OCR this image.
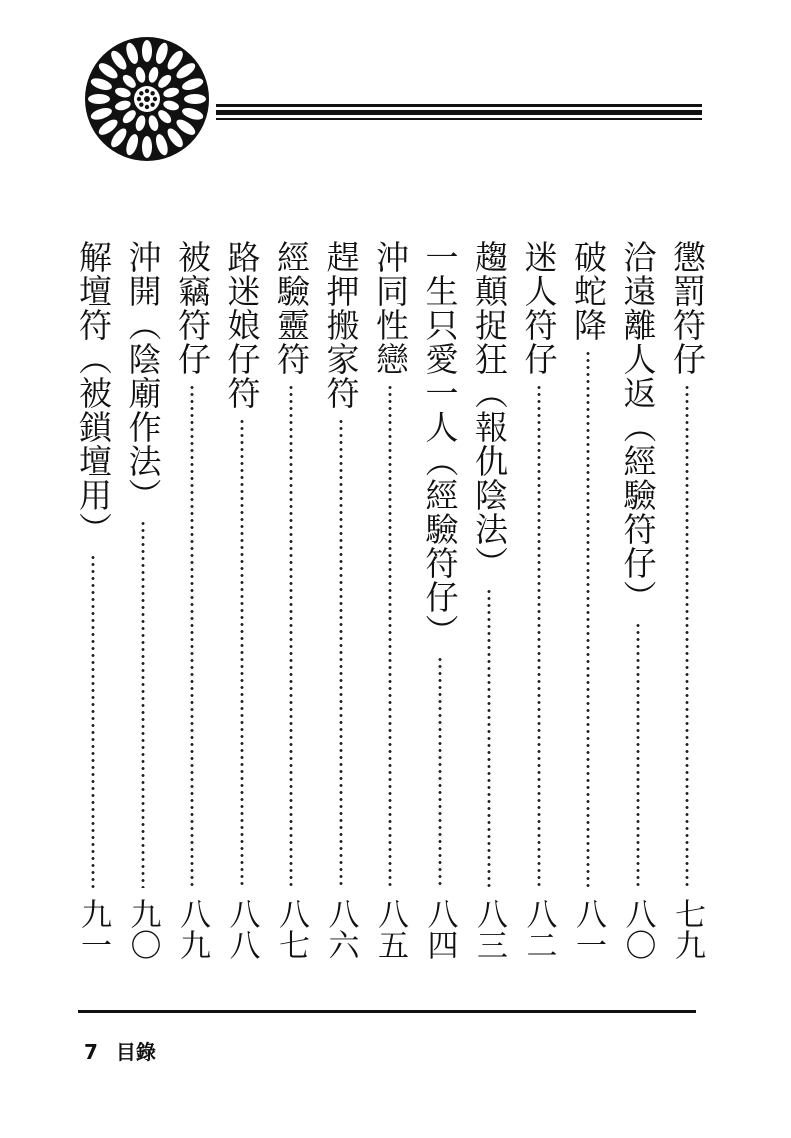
懲罰符仔
七九
洽遠離人返（經驗符仔）
八〇
破蛇降
八一
迷人符仔
八二
趨顛捉狂（報仇陰法）
八三
一生只愛一人（經驗符仔）
八四
沖同性戀
八五
趕押搬家符
八六
經驗靈符
八七
路迷娘仔符
八八
被竊符仔
八九
沖開（陰廟作法）
九〇
解壇符（被鎖壇用）
九一
7 目錄
